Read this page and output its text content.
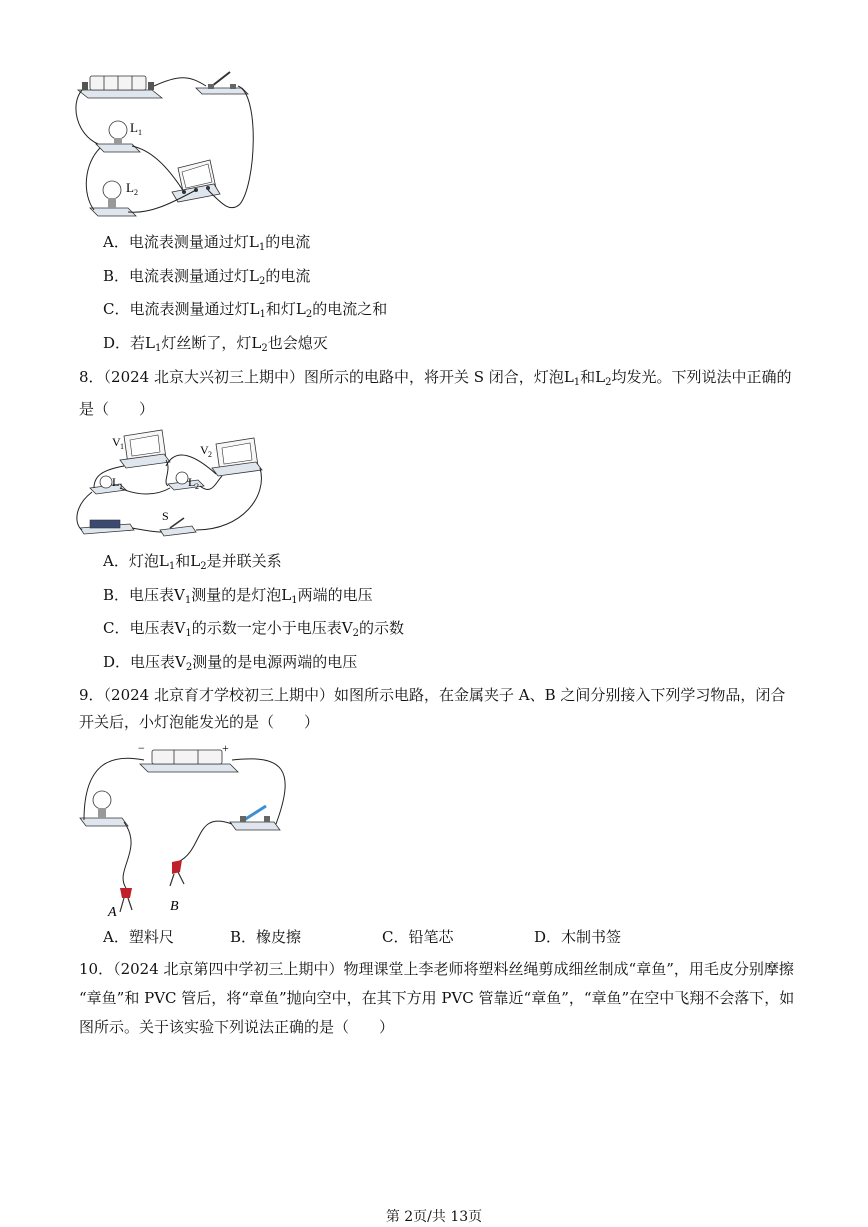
L 1
L 2
A．电流表测量通过灯$L_1$的电流
B．电流表测量通过灯$L_2$的电流
C．电流表测量通过灯$L_1$和灯$L_2$的电流之和
D．若$L_1$灯丝断了，灯$L_2$也会熄灭
8．（2024 北京大兴初三上期中）图所示的电路中，将开关 S 闭合，灯泡$L_1$和$L_2$均发光。下列说法中正确的
是（　　）
V 1	V 2
L 1	L 2
S
A．灯泡$L_1$和$L_2$是并联关系
B．电压表$V_1$测量的是灯泡$L_1$两端的电压
C．电压表$V_1$的示数一定小于电压表$V_2$的示数
D．电压表$V_2$测量的是电源两端的电压
9．（2024 北京育才学校初三上期中）如图所示电路，在金属夹子 A、B 之间分别接入下列学习物品，闭合
开关后，小灯泡能发光的是（　　）
−	+
A	B
A．塑料尺	B．橡皮擦	C．铅笔芯	D．木制书签
10．（2024 北京第四中学初三上期中）物理课堂上李老师将塑料丝绳剪成细丝制成“章鱼”，用毛皮分别摩擦
“章鱼”和 PVC 管后，将“章鱼”抛向空中，在其下方用 PVC 管靠近“章鱼”，“章鱼”在空中飞翔不会落下，如
图所示。关于该实验下列说法正确的是（　　）
第 2页/共 13页
